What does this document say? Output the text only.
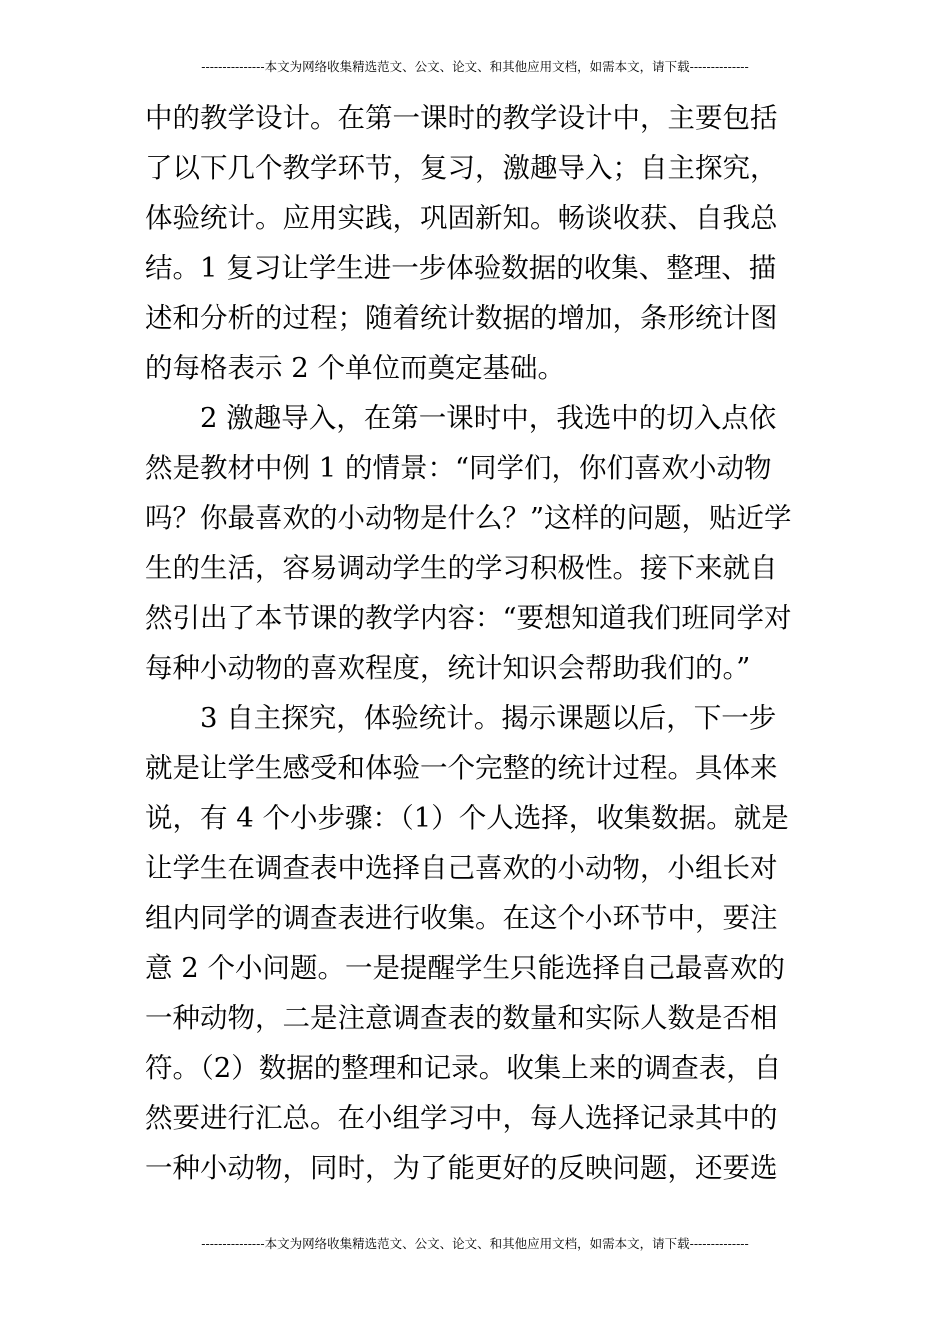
---------------本文为网络收集精选范文、公文、论文、和其他应用文档，如需本文，请下载--------------
中的教学设计。在第一课时的教学设计中，主要包括
了以下几个教学环节，复习，激趣导入；自主探究，
体验统计。应用实践，巩固新知。畅谈收获、自我总
结。1 复习让学生进一步体验数据的收集、整理、描
述和分析的过程；随着统计数据的增加，条形统计图
的每格表示 2 个单位而奠定基础。
2 激趣导入，在第一课时中，我选中的切入点依
然是教材中例 1 的情景：“同学们，你们喜欢小动物
吗？你最喜欢的小动物是什么？”这样的问题，贴近学
生的生活，容易调动学生的学习积极性。接下来就自
然引出了本节课的教学内容：“要想知道我们班同学对
每种小动物的喜欢程度，统计知识会帮助我们的。”
3 自主探究，体验统计。揭示课题以后，下一步
就是让学生感受和体验一个完整的统计过程。具体来
说，有 4 个小步骤：（1）个人选择，收集数据。就是
让学生在调查表中选择自己喜欢的小动物，小组长对
组内同学的调查表进行收集。在这个小环节中，要注
意 2 个小问题。一是提醒学生只能选择自己最喜欢的
一种动物，二是注意调查表的数量和实际人数是否相
符。（2）数据的整理和记录。收集上来的调查表，自
然要进行汇总。在小组学习中，每人选择记录其中的
一种小动物，同时，为了能更好的反映问题，还要选
---------------本文为网络收集精选范文、公文、论文、和其他应用文档，如需本文，请下载--------------
